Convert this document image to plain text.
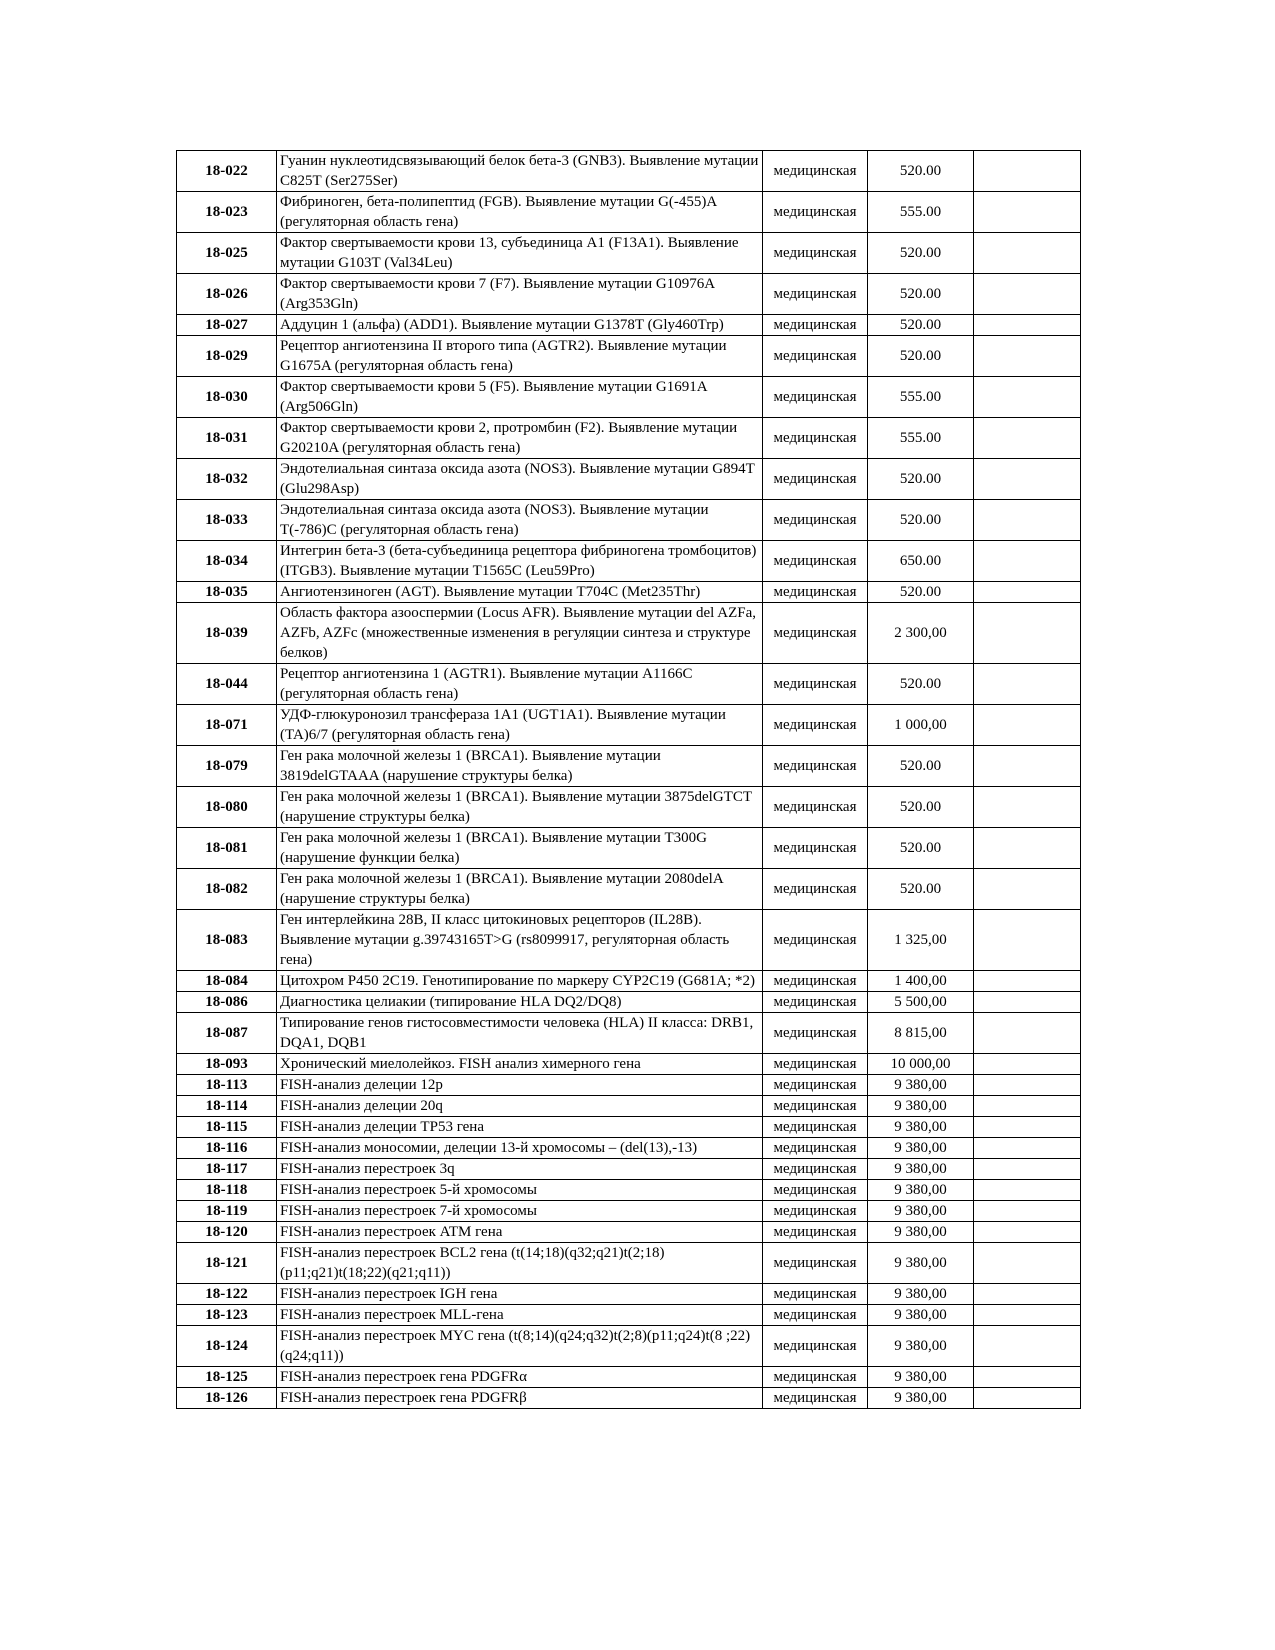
18-022	Гуанин нуклеотидсвязывающий белок бета-3 (GNB3). Выявление мутации C825T (Ser275Ser)	медицинская	520.00	
18-023	Фибриноген, бета-полипептид (FGB). Выявление мутации G(-455)A (регуляторная область гена)	медицинская	555.00	
18-025	Фактор свертываемости крови 13, субъединица A1 (F13A1). Выявление мутации G103T (Val34Leu)	медицинская	520.00	
18-026	Фактор свертываемости крови 7 (F7). Выявление мутации G10976A (Arg353Gln)	медицинская	520.00	
18-027	Аддуцин 1 (альфа) (ADD1). Выявление мутации G1378T (Gly460Trp)	медицинская	520.00	
18-029	Рецептор ангиотензина II второго типа (AGTR2). Выявление мутации G1675A (регуляторная область гена)	медицинская	520.00	
18-030	Фактор свертываемости крови 5 (F5). Выявление мутации G1691A (Arg506Gln)	медицинская	555.00	
18-031	Фактор свертываемости крови 2, протромбин (F2). Выявление мутации G20210A (регуляторная область гена)	медицинская	555.00	
18-032	Эндотелиальная синтаза оксида азота (NOS3). Выявление мутации G894T (Glu298Asp)	медицинская	520.00	
18-033	Эндотелиальная синтаза оксида азота (NOS3). Выявление мутации T(-786)C (регуляторная область гена)	медицинская	520.00	
18-034	Интегрин бета-3 (бета-субъединица рецептора фибриногена тромбоцитов) (ITGB3). Выявление мутации T1565C (Leu59Pro)	медицинская	650.00	
18-035	Ангиотензиноген (AGT). Выявление мутации T704C (Met235Thr)	медицинская	520.00	
18-039	Область фактора азооспермии (Locus AFR). Выявление мутации del AZFa, AZFb, AZFc (множественные изменения в регуляции синтеза и структуре белков)	медицинская	2 300,00	
18-044	Рецептор ангиотензина 1 (AGTR1). Выявление мутации A1166C (регуляторная область гена)	медицинская	520.00	
18-071	УДФ-глюкуронозил трансфераза 1A1 (UGT1A1). Выявление мутации (TA)6/7 (регуляторная область гена)	медицинская	1 000,00	
18-079	Ген рака молочной железы 1 (BRCA1). Выявление мутации 3819delGTAAA (нарушение структуры белка)	медицинская	520.00	
18-080	Ген рака молочной железы 1 (BRCA1). Выявление мутации 3875delGTCT (нарушение структуры белка)	медицинская	520.00	
18-081	Ген рака молочной железы 1 (BRCA1). Выявление мутации T300G (нарушение функции белка)	медицинская	520.00	
18-082	Ген рака молочной железы 1 (BRCA1). Выявление мутации 2080delA (нарушение структуры белка)	медицинская	520.00	
18-083	Ген интерлейкина 28B, II класс цитокиновых рецепторов (IL28B). Выявление мутации g.39743165T>G (rs8099917, регуляторная область гена)	медицинская	1 325,00	
18-084	Цитохром P450 2C19. Генотипирование по маркеру CYP2C19 (G681A; *2)	медицинская	1 400,00	
18-086	Диагностика целиакии (типирование HLA DQ2/DQ8)	медицинская	5 500,00	
18-087	Типирование генов гистосовместимости человека (HLA) II класса: DRB1, DQA1, DQB1	медицинская	8 815,00	
18-093	Хронический миелолейкоз. FISH анализ химерного гена	медицинская	10 000,00	
18-113	FISH-анализ делеции 12p	медицинская	9 380,00	
18-114	FISH-анализ делеции 20q	медицинская	9 380,00	
18-115	FISH-анализ делеции TP53 гена	медицинская	9 380,00	
18-116	FISH-анализ моносомии, делеции 13-й хромосомы – (del(13),-13)	медицинская	9 380,00	
18-117	FISH-анализ перестроек 3q	медицинская	9 380,00	
18-118	FISH-анализ перестроек 5-й хромосомы	медицинская	9 380,00	
18-119	FISH-анализ перестроек 7-й хромосомы	медицинская	9 380,00	
18-120	FISH-анализ перестроек ATM гена	медицинская	9 380,00	
18-121	FISH-анализ перестроек BCL2 гена (t(14;18)(q32;q21)t(2;18)(p11;q21)t(18;22)(q21;q11))	медицинская	9 380,00	
18-122	FISH-анализ перестроек IGH гена	медицинская	9 380,00	
18-123	FISH-анализ перестроек MLL-гена	медицинская	9 380,00	
18-124	FISH-анализ перестроек MYC гена (t(8;14)(q24;q32)t(2;8)(p11;q24)t(8 ;22)(q24;q11))	медицинская	9 380,00	
18-125	FISH-анализ перестроек гена PDGFRα	медицинская	9 380,00	
18-126	FISH-анализ перестроек гена PDGFRβ	медицинская	9 380,00	
